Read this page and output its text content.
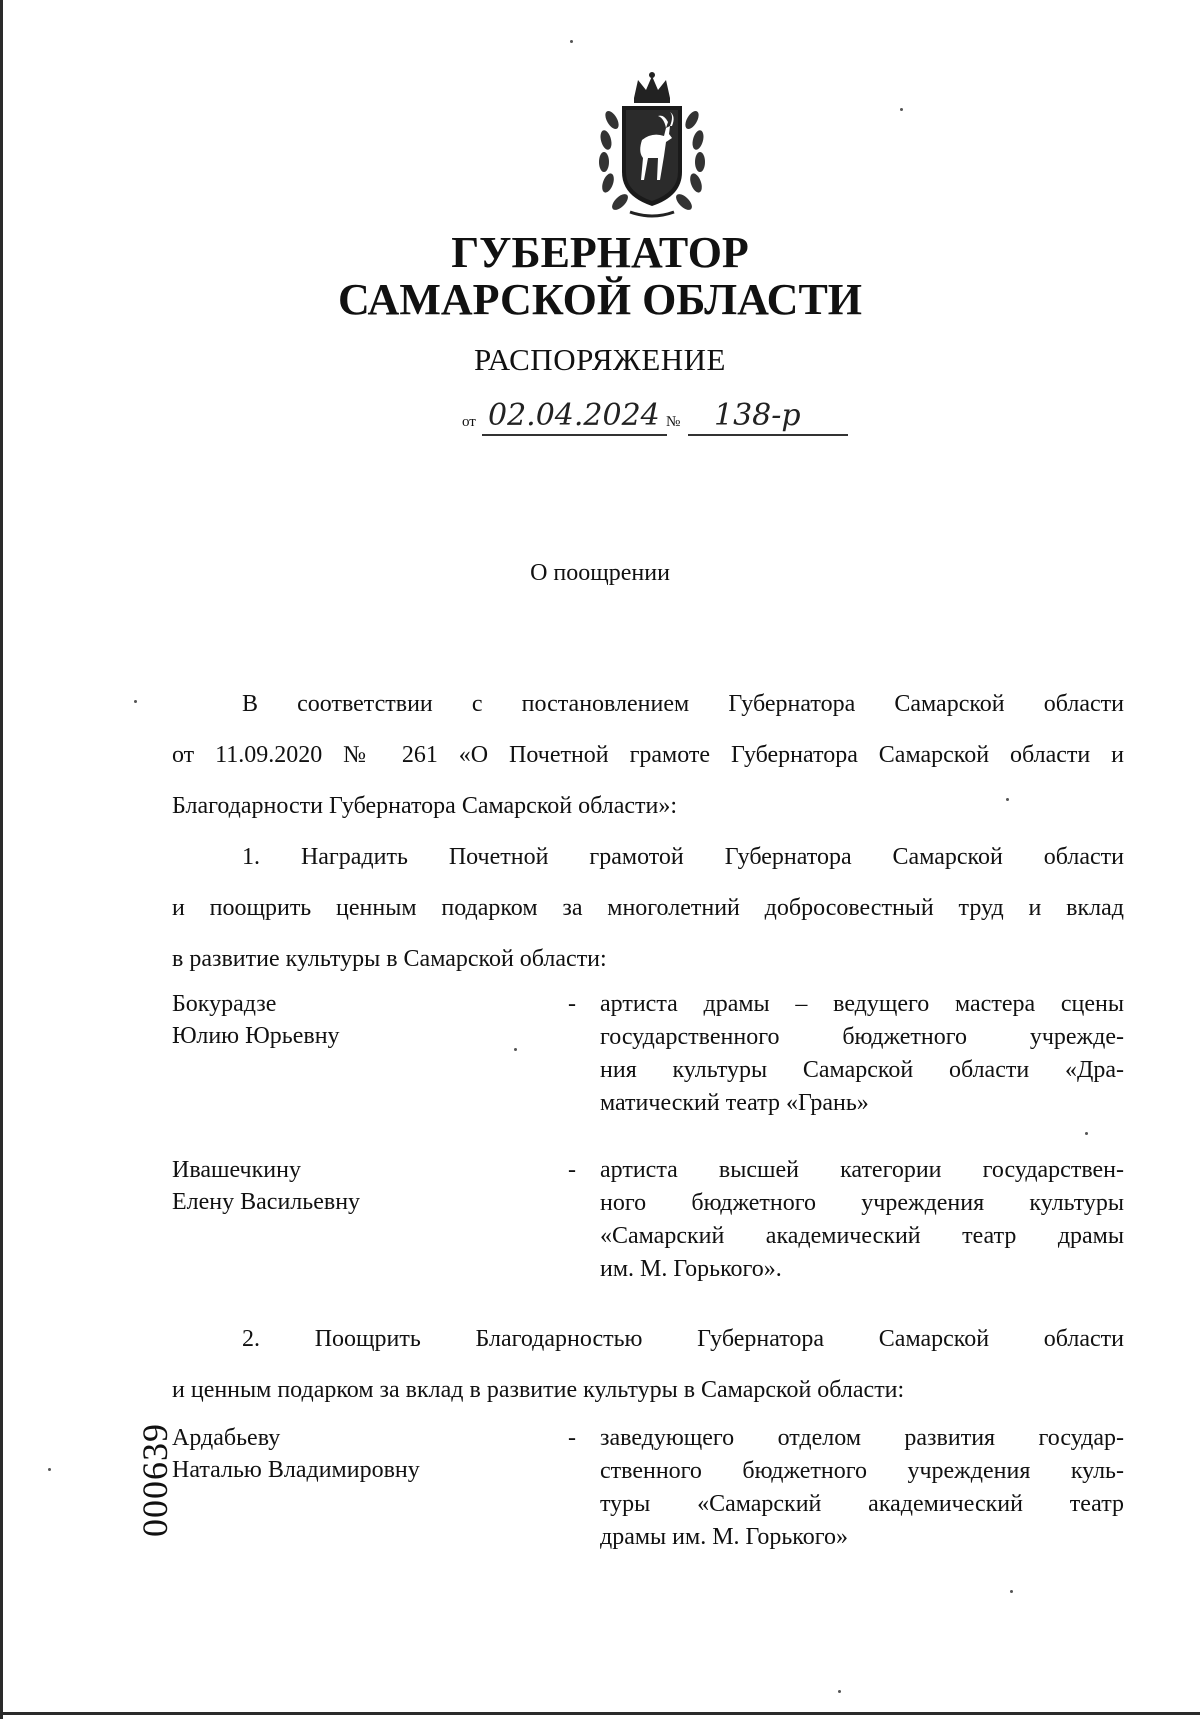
ГУБЕРНАТОР
САМАРСКОЙ ОБЛАСТИ
РАСПОРЯЖЕНИЕ
от 02.04.2024 № 138-р
О поощрении
В соответствии с постановлением Губернатора Самарской области
от 11.09.2020 № 261 «О Почетной грамоте Губернатора Самарской области и
Благодарности Губернатора Самарской области»:
1. Наградить Почетной грамотой Губернатора Самарской области
и поощрить ценным подарком за многолетний добросовестный труд и вклад
в развитие культуры в Самарской области:
Бокурадзе
Юлию Юрьевну
- артиста драмы – ведущего мастера сцены
государственного бюджетного учрежде-
ния культуры Самарской области «Дра-
матический театр «Грань»
Ивашечкину
Елену Васильевну
- артиста высшей категории государствен-
ного бюджетного учреждения культуры
«Самарский академический театр драмы
им. М. Горького».
2. Поощрить Благодарностью Губернатора Самарской области
и ценным подарком за вклад в развитие культуры в Самарской области:
Ардабьеву
Наталью Владимировну
- заведующего отделом развития государ-
ственного бюджетного учреждения куль-
туры «Самарский академический театр
драмы им. М. Горького»
000639
